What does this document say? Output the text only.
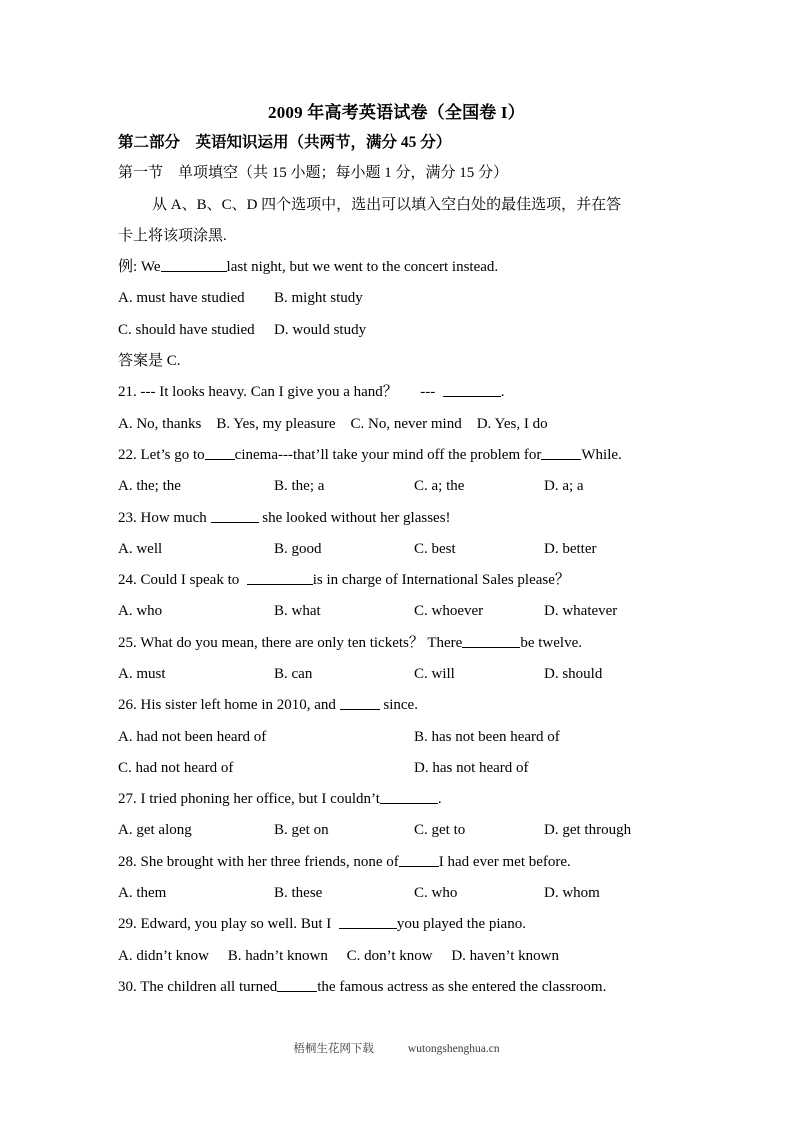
2009 年高考英语试卷（全国卷 I）
第二部分　英语知识运用（共两节，满分 45 分）
第一节　单项填空（共 15 小题；每小题 1 分，满分 15 分）
从 A、B、C、D 四个选项中，选出可以填入空白处的最佳选项，并在答
卡上将该项涂黑.
例: We	last night, but we went to the concert instead.
A. must have studied B. might study
C. should have studied D. would study
答案是 C.
21. --- It looks heavy. Can I give you a hand？      ---	.
A. No, thanks    B. Yes, my pleasure    C. No, never mind    D. Yes, I do
22. Let’s go to cinema---that’ll take your mind off the problem for	While.
A. the; the	B. the; a	C. a; the	D. a; a
23. How much	she looked without her glasses!
A. well	B. good	C. best	D. better
24. Could I speak to	is in charge of International Sales please？
A. who	B. what	C. whoever	D. whatever
25. What do you mean, there are only ten tickets？ There	be twelve.
A. must	B. can	C. will	D. should
26. His sister left home in 2010, and	since.
A. had not been heard of	B. has not been heard of
C. had not heard of	D. has not heard of
27. I tried phoning her office, but I couldn’t	.
A. get along	B. get on	C. get to	D. get through
28. She brought with her three friends, none of	I had ever met before.
A. them	B. these	C. who	D. whom
29. Edward, you play so well. But I	you played the piano.
A. didn’t know     B. hadn’t known     C. don’t know     D. haven’t known
30. The children all turned	the famous actress as she entered the classroom.
梧桐生花网下载	wutongshenghua.cn
